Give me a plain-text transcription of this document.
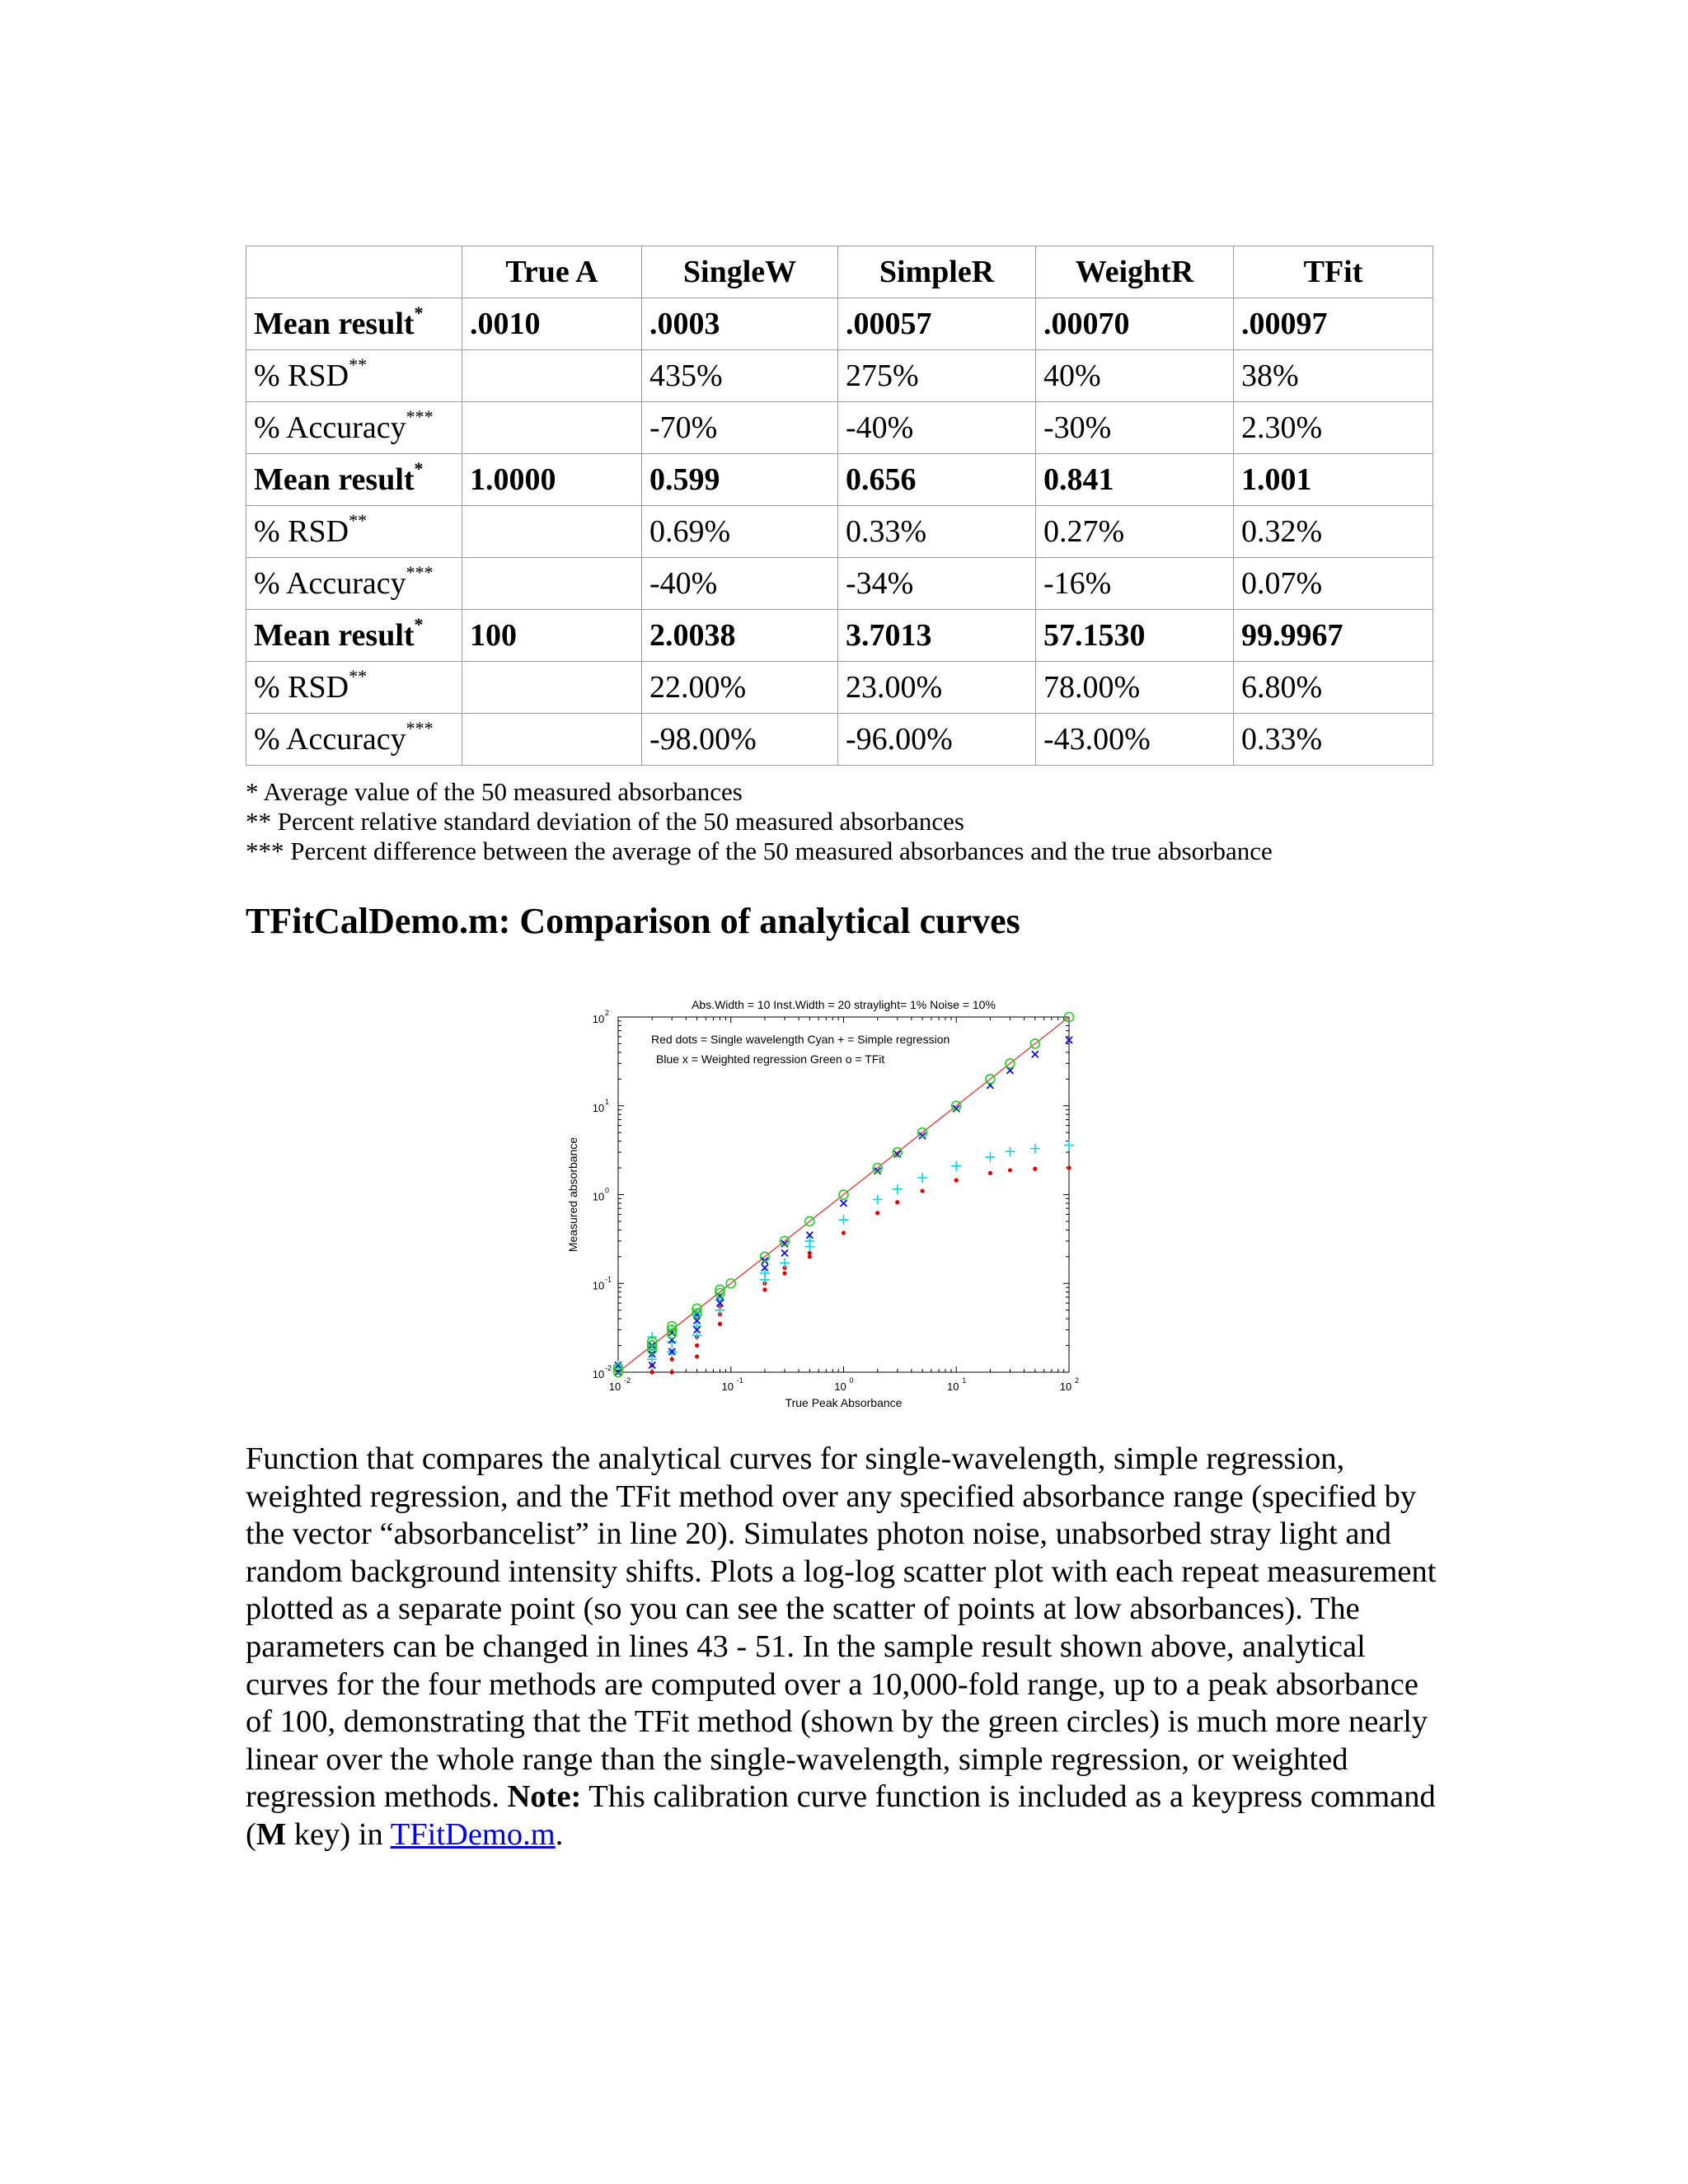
	True A	SingleW	SimpleR	WeightR	TFit
Mean result*	.0010	.0003	.00057	.00070	.00097
% RSD**		435%	275%	40%	38%
% Accuracy***		-70%	-40%	-30%	2.30%
Mean result*	1.0000	0.599	0.656	0.841	1.001
% RSD**		0.69%	0.33%	0.27%	0.32%
% Accuracy***		-40%	-34%	-16%	0.07%
Mean result*	100	2.0038	3.7013	57.1530	99.9967
% RSD**		22.00%	23.00%	78.00%	6.80%
% Accuracy***		-98.00%	-96.00%	-43.00%	0.33%
* Average value of the 50 measured absorbances
** Percent relative standard deviation of the 50 measured absorbances
*** Percent difference between the average of the 50 measured absorbances and the true absorbance
TFitCalDemo.m: Comparison of analytical curves
10 -2	10 -1	10 0	10 1	10 2
10 -2
10 -1
10 0
10 1
10 2
Abs.Width = 10 Inst.Width = 20 straylight= 1% Noise = 10%
Red dots = Single wavelength Cyan + = Simple regression
Blue x = Weighted regression Green o = TFit
True Peak Absorbance
Measured absorbance

Function that compares the analytical curves for single-wavelength, simple regression, weighted regression, and the TFit method over any specified absorbance range (specified by the vector “absorbancelist” in line 20). Simulates photon noise, unabsorbed stray light and random background intensity shifts. Plots a log-log scatter plot with each repeat measurement plotted as a separate point (so you can see the scatter of points at low absorbances). The parameters can be changed in lines 43 - 51. In the sample result shown above, analytical curves for the four methods are computed over a 10,000-fold range, up to a peak absorbance of 100, demonstrating that the TFit method (shown by the green circles) is much more nearly linear over the whole range than the single-wavelength, simple regression, or weighted regression methods. Note: This calibration curve function is included as a keypress command (M key) in TFitDemo.m.
